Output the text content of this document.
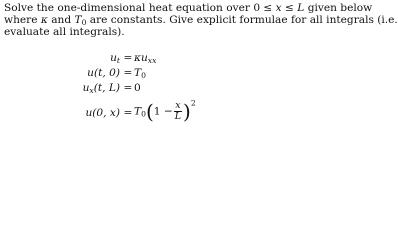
Solve the one-dimensional heat equation over 0 ≤ x ≤ L given below
where κ and $T_0$ are constants. Give explicit formulae for all integrals (i.e.
evaluate all integrals).
$u_t = \kappa u_{xx}$
u(t, $0) = T_0$
$u_x(t$, L) = 0
u(0, $x) = T_0(1 - \frac{x}{L} )^2$
